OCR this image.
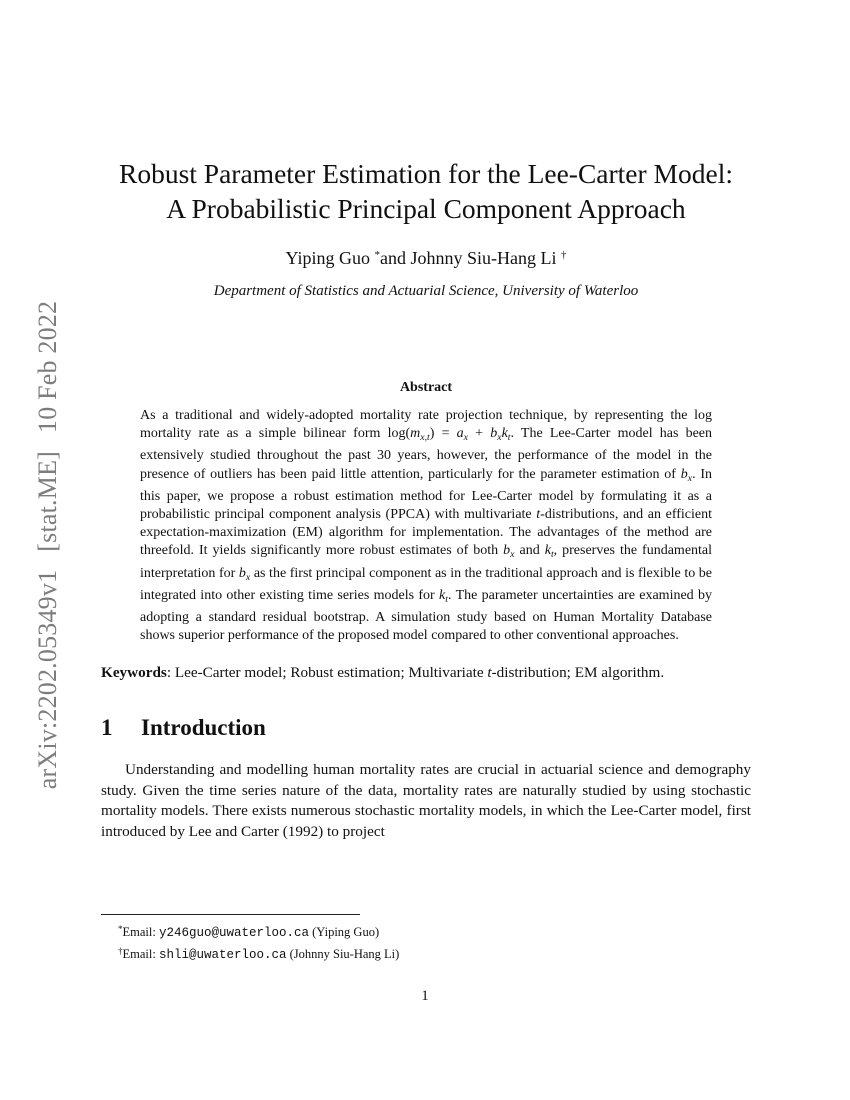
arXiv:2202.05349v1[stat.ME]10 Feb 2022
Robust Parameter Estimation for the Lee-Carter Model:
A Probabilistic Principal Component Approach
Yiping Guo *and Johnny Siu-Hang Li †
Department of Statistics and Actuarial Science, University of Waterloo
Abstract
As a traditional and widely-adopted mortality rate projection technique, by representing the log mortality rate as a simple bilinear form $\log(m_{x,t}) = a_x + b_xk_t$. The Lee-Carter model has been extensively studied throughout the past 30 years, however, the performance of the model in the presence of outliers has been paid little attention, particularly for the parameter estimation of $b_x$. In this paper, we propose a robust estimation method for Lee-Carter model by formulating it as a probabilistic principal component analysis (PPCA) with multivariate t-distributions, and an efficient expectation-maximization (EM) algorithm for implementation. The advantages of the method are threefold. It yields significantly more robust estimates of both $b_x$ and $k_t$, preserves the fundamental interpretation for $b_x$ as the first principal component as in the traditional approach and is flexible to be integrated into other existing time series models for $k_t$. The parameter uncertainties are examined by adopting a standard residual bootstrap. A simulation study based on Human Mortality Database shows superior performance of the proposed model compared to other conventional approaches.
Keywords: Lee-Carter model; Robust estimation; Multivariate t-distribution; EM algorithm.
1 Introduction
Understanding and modelling human mortality rates are crucial in actuarial science and demography study. Given the time series nature of the data, mortality rates are naturally studied by using stochastic mortality models. There exists numerous stochastic mortality models, in which the Lee-Carter model, first introduced by Lee and Carter (1992) to project
*Email: y246guo@uwaterloo.ca (Yiping Guo)
†Email: shli@uwaterloo.ca (Johnny Siu-Hang Li)
1
